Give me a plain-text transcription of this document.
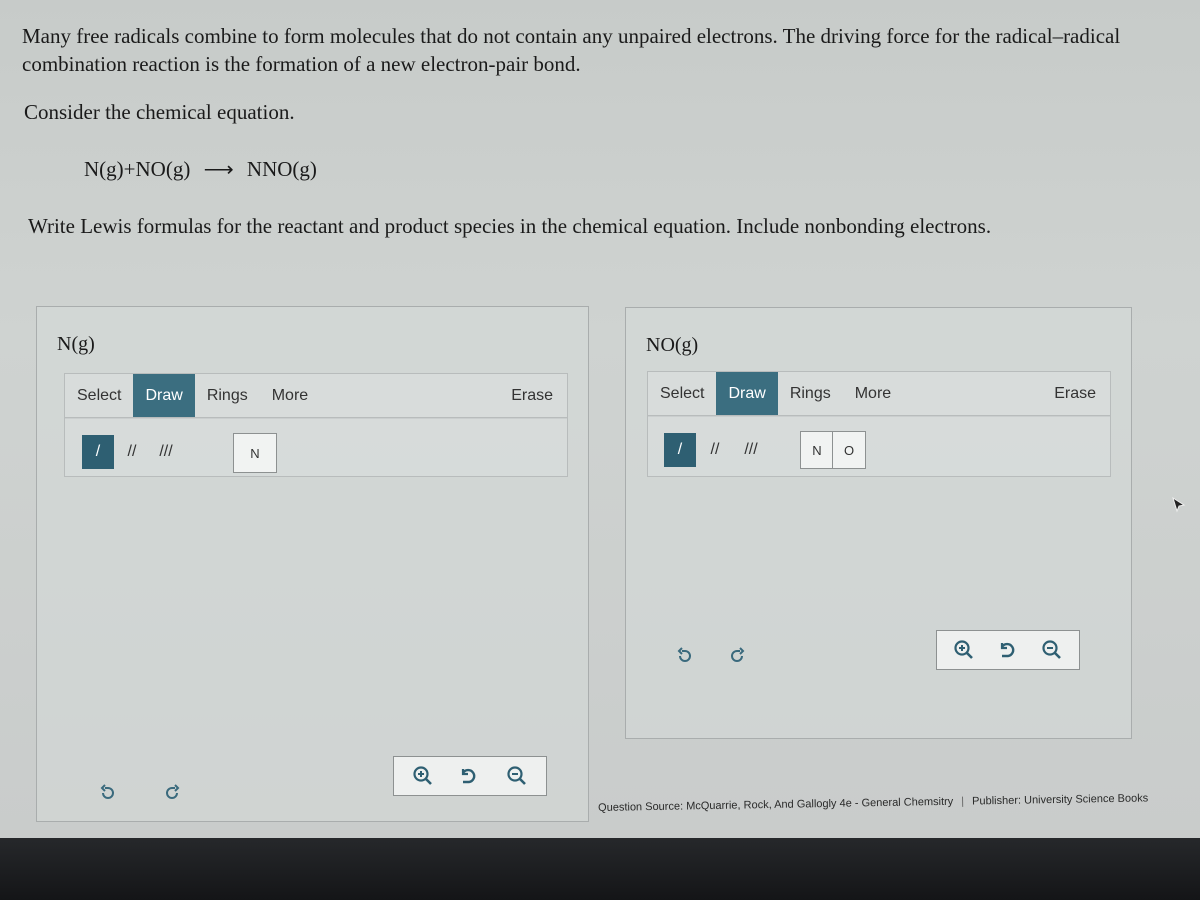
Many free radicals combine to form molecules that do not contain any unpaired electrons. The driving force for the radical–radical combination reaction is the formation of a new electron-pair bond.
Consider the chemical equation.
N(g)+NO(g) ⟶ NNO(g)
Write Lewis formulas for the reactant and product species in the chemical equation. Include nonbonding electrons.
N(g)
Select	Draw	Rings	More	Erase
/	//	///	N
NO(g)
Select	Draw	Rings	More	Erase
/	//	///	N	O
Question Source: McQuarrie, Rock, And Gallogly 4e - General Chemsitry | Publisher: University Science Books
